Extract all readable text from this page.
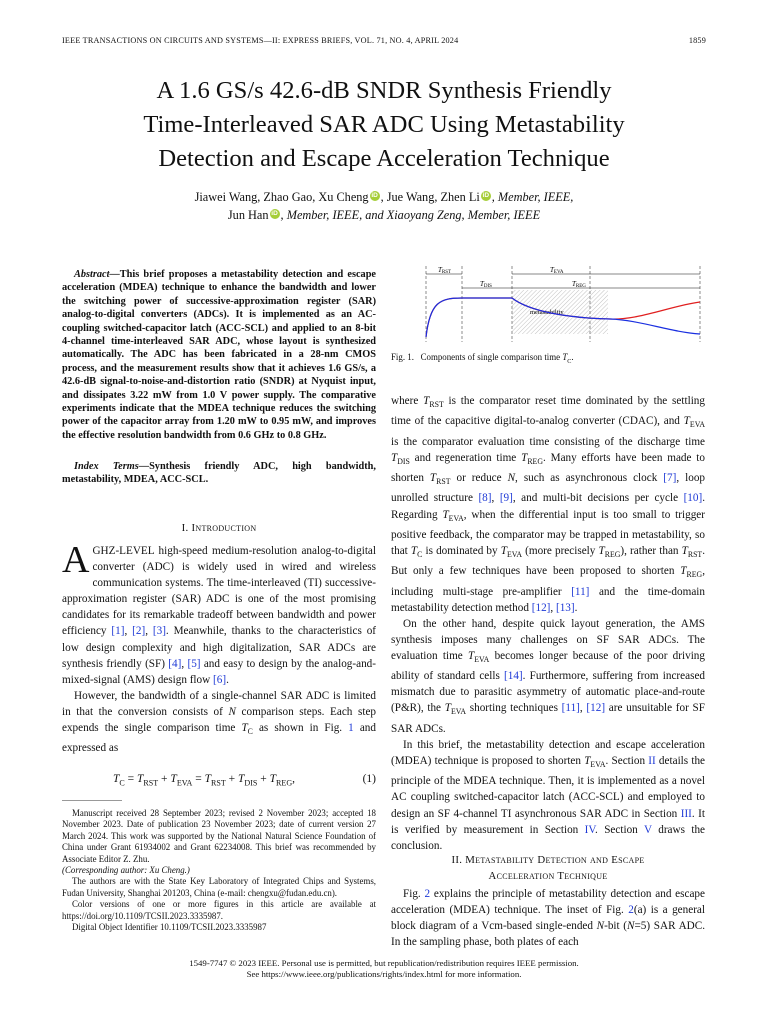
IEEE TRANSACTIONS ON CIRCUITS AND SYSTEMS—II: EXPRESS BRIEFS, VOL. 71, NO. 4, APRIL 2024	1859
A 1.6 GS/s 42.6-dB SNDR Synthesis Friendly
Time-Interleaved SAR ADC Using Metastability
Detection and Escape Acceleration Technique
Jiawei Wang, Zhao Gao, Xu Cheng iD , Jue Wang, Zhen Li iD , Member, IEEE,
Jun Han iD , Member, IEEE, and Xiaoyang Zeng, Member, IEEE
Abstract—This brief proposes a metastability detection and escape acceleration (MDEA) technique to enhance the bandwidth and lower the switching power of successive-approximation register (SAR) analog-to-digital converters (ADCs). It is implemented as an AC-coupling switched-capacitor latch (ACC-SCL) and applied to an 8-bit 4-channel time-interleaved SAR ADC, whose layout is synthesized automatically. The ADC has been fabricated in a 28-nm CMOS process, and the measurement results show that it achieves 1.6 GS/s, a 42.6-dB signal-to-noise-and-distortion ratio (SNDR) at Nyquist input, and dissipates 3.22 mW from 1.0 V power supply. The comparative experiments indicate that the MDEA technique reduces the switching power of the capacitor array from 1.20 mW to 0.95 mW, and improves the effective resolution bandwidth from 0.6 GHz to 0.8 GHz.
Index Terms—Synthesis friendly ADC, high bandwidth, metastability, MDEA, ACC-SCL.
I. Introduction

AGHZ-LEVEL high-speed medium-resolution analog-to-digital converter (ADC) is widely used in wired and wireless communication systems. The time-interleaved (TI) successive-approximation register (SAR) ADC is one of the most promising candidates for its remarkable tradeoff between bandwidth and power efficiency [1], [2], [3]. Meanwhile, thanks to the characteristics of low design complexity and high digitalization, SAR ADCs are synthesis friendly (SF) [4], [5] and easy to design by the analog-and-mixed-signal (AMS) design flow [6].

However, the bandwidth of a single-channel SAR ADC is limited in that the conversion consists of N comparison steps. Each step expends the single comparison time $T_C$ as shown in Fig. 1 and expressed as

$T_C = T_{RST} + T_{EVA} = T_{RST} + T_{DIS} + T_{REG}$,	(1)

Manuscript received 28 September 2023; revised 2 November 2023; accepted 18 November 2023. Date of publication 23 November 2023; date of current version 27 March 2024. This work was supported by the National Natural Science Foundation of China under Grant 61934002 and Grant 62234008. This brief was recommended by Associate Editor Z. Zhu.

(Corresponding author: Xu Cheng.)

The authors are with the State Key Laboratory of Integrated Chips and Systems, Fudan University, Shanghai 201203, China (e-mail: chengxu@fudan.edu.cn).

Color versions of one or more figures in this article are available at https://doi.org/10.1109/TCSII.2023.3335987.

Digital Object Identifier 10.1109/TCSII.2023.3335987

TRST	TEVA
TDIS	TREG
metastability
Fig. 1.   Components of single comparison time $T_C$.

where $T_{RST}$ is the comparator reset time dominated by the settling time of the capacitive digital-to-analog converter (CDAC), and $T_{EVA}$ is the comparator evaluation time consisting of the discharge time $T_{DIS}$ and regeneration time $T_{REG}$. Many efforts have been made to shorten $T_{RST}$ or reduce N, such as asynchronous clock [7], loop unrolled structure [8], [9], and multi-bit decisions per cycle [10]. Regarding $T_{EVA}$, when the differential input is too small to trigger positive feedback, the comparator may be trapped in metastability, so that $T_C$ is dominated by $T_{EVA}$ (more precisely $T_{REG}$), rather than $T_{RST}$. But only a few techniques have been proposed to shorten $T_{REG}$, including multi-stage pre-amplifier [11] and the time-domain metastability detection method [12], [13].

On the other hand, despite quick layout generation, the AMS synthesis imposes many challenges on SF SAR ADCs. The evaluation time $T_{EVA}$ becomes longer because of the poor driving ability of standard cells [14]. Furthermore, suffering from increased mismatch due to parasitic asymmetry of automatic place-and-route (P&R), the $T_{EVA}$ shorting techniques [11], [12] are unsuitable for SF SAR ADCs.

In this brief, the metastability detection and escape acceleration (MDEA) technique is proposed to shorten $T_{EVA}$. Section II details the principle of the MDEA technique. Then, it is implemented as a novel AC coupling switched-capacitor latch (ACC-SCL) and employed to design an SF 4-channel TI asynchronous SAR ADC in Section III. It is verified by measurement in Section IV. Section V draws the conclusion.

II. Metastability Detection and Escape
Acceleration Technique

Fig. 2 explains the principle of metastability detection and escape acceleration (MDEA) technique. The inset of Fig. 2(a) is a general block diagram of a Vcm-based single-ended N-bit (N=5) SAR ADC. In the sampling phase, both plates of each

1549-7747 © 2023 IEEE. Personal use is permitted, but republication/redistribution requires IEEE permission.
See https://www.ieee.org/publications/rights/index.html for more information.
